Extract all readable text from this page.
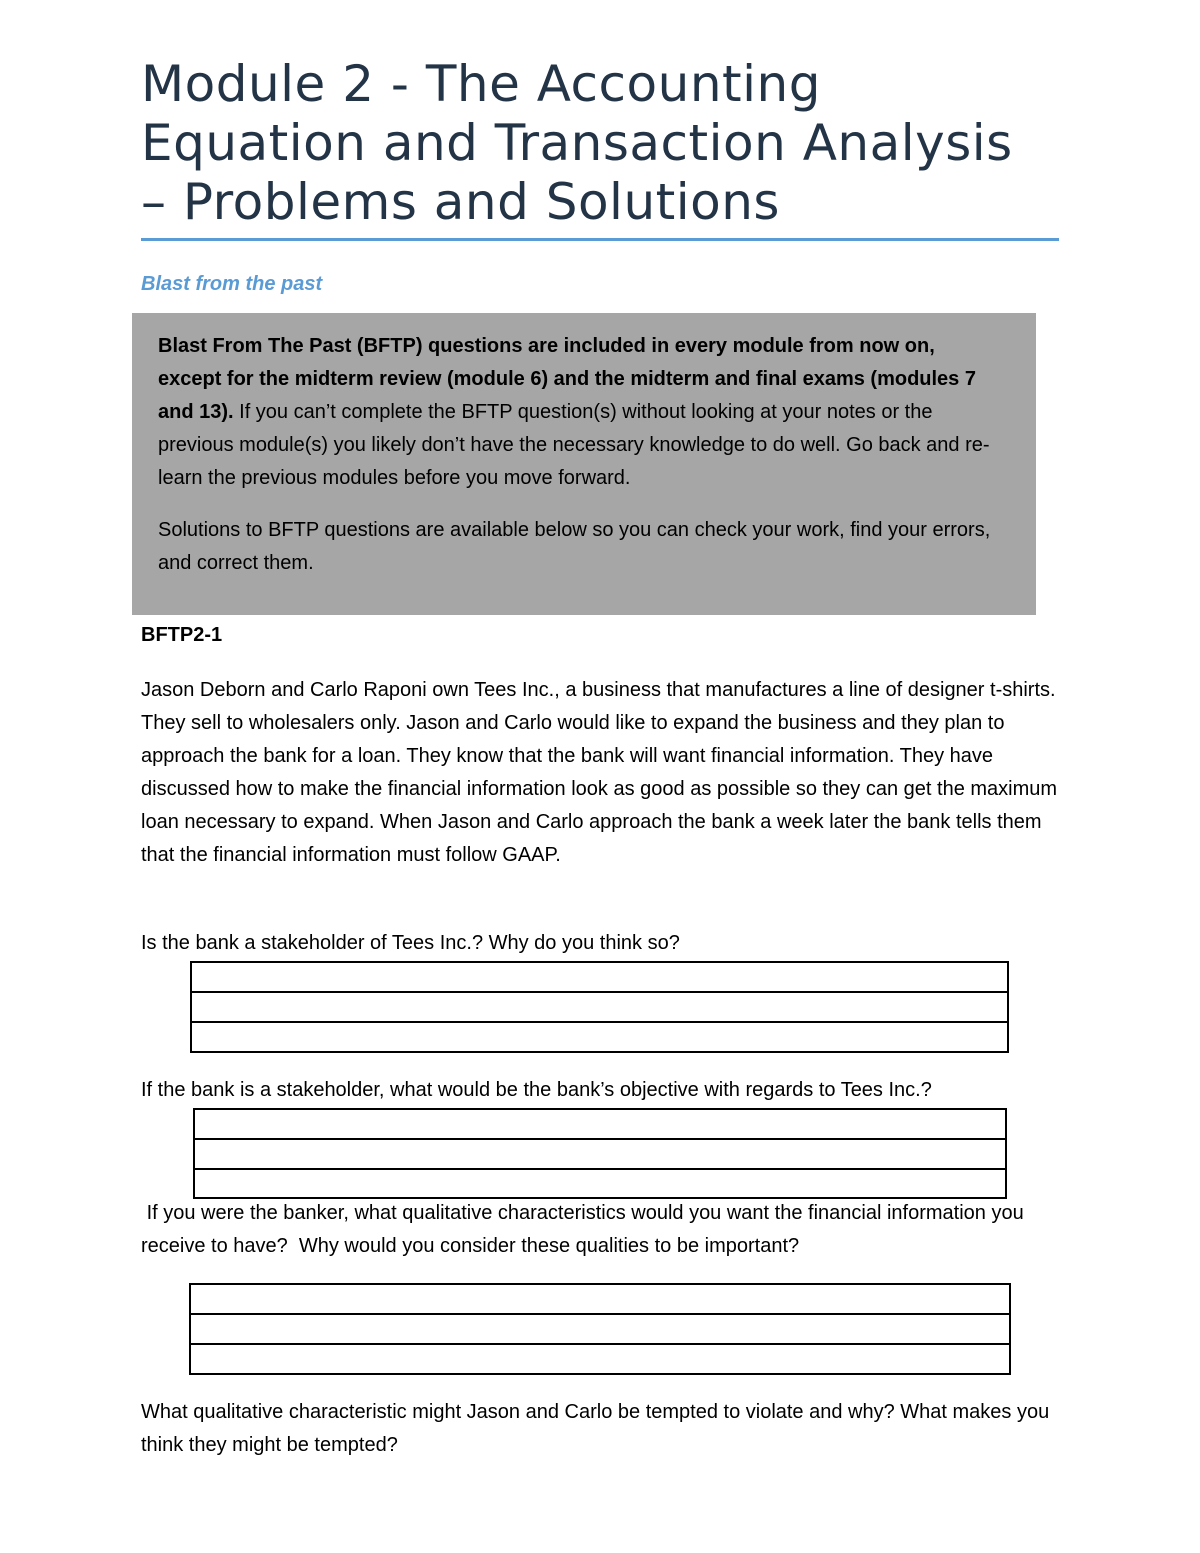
Module 2 - The Accounting
Equation and Transaction Analysis
– Problems and Solutions
Blast from the past

Blast From The Past (BFTP) questions are included in every module from now on, except for the midterm review (module 6) and the midterm and final exams (modules 7 and 13). If you can’t complete the BFTP question(s) without looking at your notes or the previous module(s) you likely don’t have the necessary knowledge to do well. Go back and re-learn the previous modules before you move forward.

Solutions to BFTP questions are available below so you can check your work, find your errors, and correct them.

BFTP2-1

Jason Deborn and Carlo Raponi own Tees Inc., a business that manufactures a line of designer t-shirts. They sell to wholesalers only. Jason and Carlo would like to expand the business and they plan to approach the bank for a loan. They know that the bank will want financial information. They have discussed how to make the financial information look as good as possible so they can get the maximum loan necessary to expand. When Jason and Carlo approach the bank a week later the bank tells them that the financial information must follow GAAP.

Is the bank a stakeholder of Tees Inc.? Why do you think so?

If the bank is a stakeholder, what would be the bank’s objective with regards to Tees Inc.?

If you were the banker, what qualitative characteristics would you want the financial information you receive to have?  Why would you consider these qualities to be important?

What qualitative characteristic might Jason and Carlo be tempted to violate and why? What makes you think they might be tempted?
